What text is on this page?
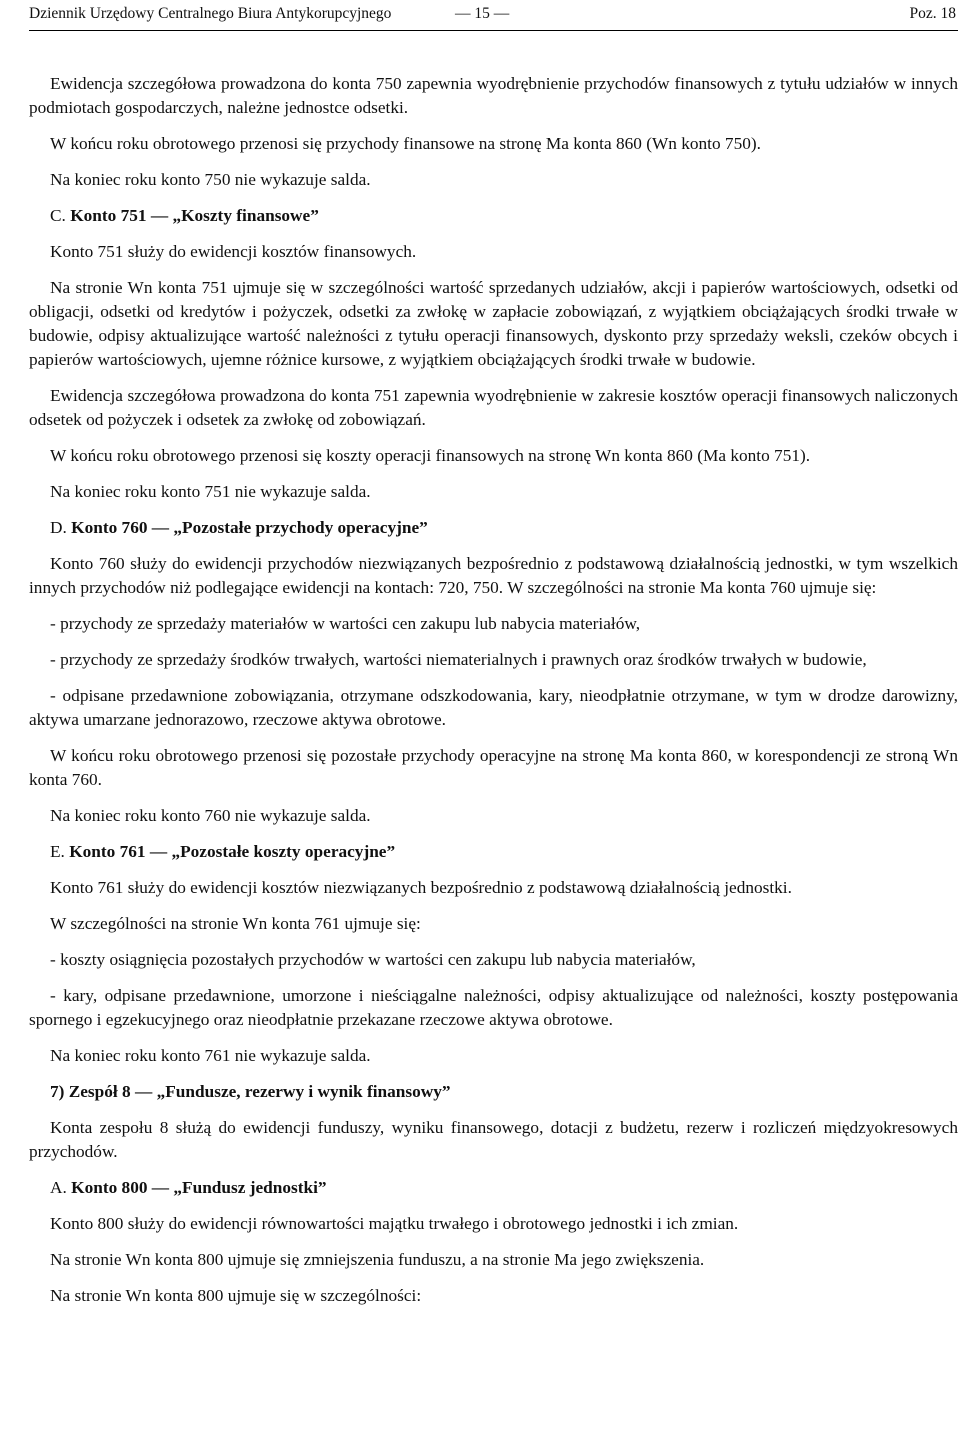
Dziennik Urzędowy Centralnego Biura Antykorupcyjnego	— 15 —	Poz. 18

Ewidencja szczegółowa prowadzona do konta 750 zapewnia wyodrębnienie przychodów finansowych z tytułu udziałów w innych podmiotach gospodarczych, należne jednostce odsetki.

W końcu roku obrotowego przenosi się przychody finansowe na stronę Ma konta 860 (Wn konto 750).

Na koniec roku konto 750 nie wykazuje salda.

C. Konto 751 — „Koszty finansowe”

Konto 751 służy do ewidencji kosztów finansowych.

Na stronie Wn konta 751 ujmuje się w szczególności wartość sprzedanych udziałów, akcji i papierów wartościowych, odsetki od obligacji, odsetki od kredytów i pożyczek, odsetki za zwłokę w zapłacie zobowiązań, z wyjątkiem obciążających środki trwałe w budowie, odpisy aktualizujące wartość należności z tytułu operacji finansowych, dyskonto przy sprzedaży weksli, czeków obcych i papierów wartościowych, ujemne różnice kursowe, z wyjątkiem obciążających środki trwałe w budowie.

Ewidencja szczegółowa prowadzona do konta 751 zapewnia wyodrębnienie w zakresie kosztów operacji finansowych naliczonych odsetek od pożyczek i odsetek za zwłokę od zobowiązań.

W końcu roku obrotowego przenosi się koszty operacji finansowych na stronę Wn konta 860 (Ma konto 751).

Na koniec roku konto 751 nie wykazuje salda.

D. Konto 760 — „Pozostałe przychody operacyjne”

Konto 760 służy do ewidencji przychodów niezwiązanych bezpośrednio z podstawową działalnością jednostki, w tym wszelkich innych przychodów niż podlegające ewidencji na kontach: 720, 750. W szczególności na stronie Ma konta 760 ujmuje się:

- przychody ze sprzedaży materiałów w wartości cen zakupu lub nabycia materiałów,

- przychody ze sprzedaży środków trwałych, wartości niematerialnych i prawnych oraz środków trwałych w budowie,

- odpisane przedawnione zobowiązania, otrzymane odszkodowania, kary, nieodpłatnie otrzymane, w tym w drodze darowizny, aktywa umarzane jednorazowo, rzeczowe aktywa obrotowe.

W końcu roku obrotowego przenosi się pozostałe przychody operacyjne na stronę Ma konta 860, w korespondencji ze stroną Wn konta 760.

Na koniec roku konto 760 nie wykazuje salda.

E. Konto 761 — „Pozostałe koszty operacyjne”

Konto 761 służy do ewidencji kosztów niezwiązanych bezpośrednio z podstawową działalnością jednostki.

W szczególności na stronie Wn konta 761 ujmuje się:

- koszty osiągnięcia pozostałych przychodów w wartości cen zakupu lub nabycia materiałów,

- kary, odpisane przedawnione, umorzone i nieściągalne należności, odpisy aktualizujące od należności, koszty postępowania spornego i egzekucyjnego oraz nieodpłatnie przekazane rzeczowe aktywa obrotowe.

Na koniec roku konto 761 nie wykazuje salda.

7) Zespół 8 — „Fundusze, rezerwy i wynik finansowy”

Konta zespołu 8 służą do ewidencji funduszy, wyniku finansowego, dotacji z budżetu, rezerw i rozliczeń międzyokresowych przychodów.

A. Konto 800 — „Fundusz jednostki”

Konto 800 służy do ewidencji równowartości majątku trwałego i obrotowego jednostki i ich zmian.

Na stronie Wn konta 800 ujmuje się zmniejszenia funduszu, a na stronie Ma jego zwiększenia.

Na stronie Wn konta 800 ujmuje się w szczególności:
